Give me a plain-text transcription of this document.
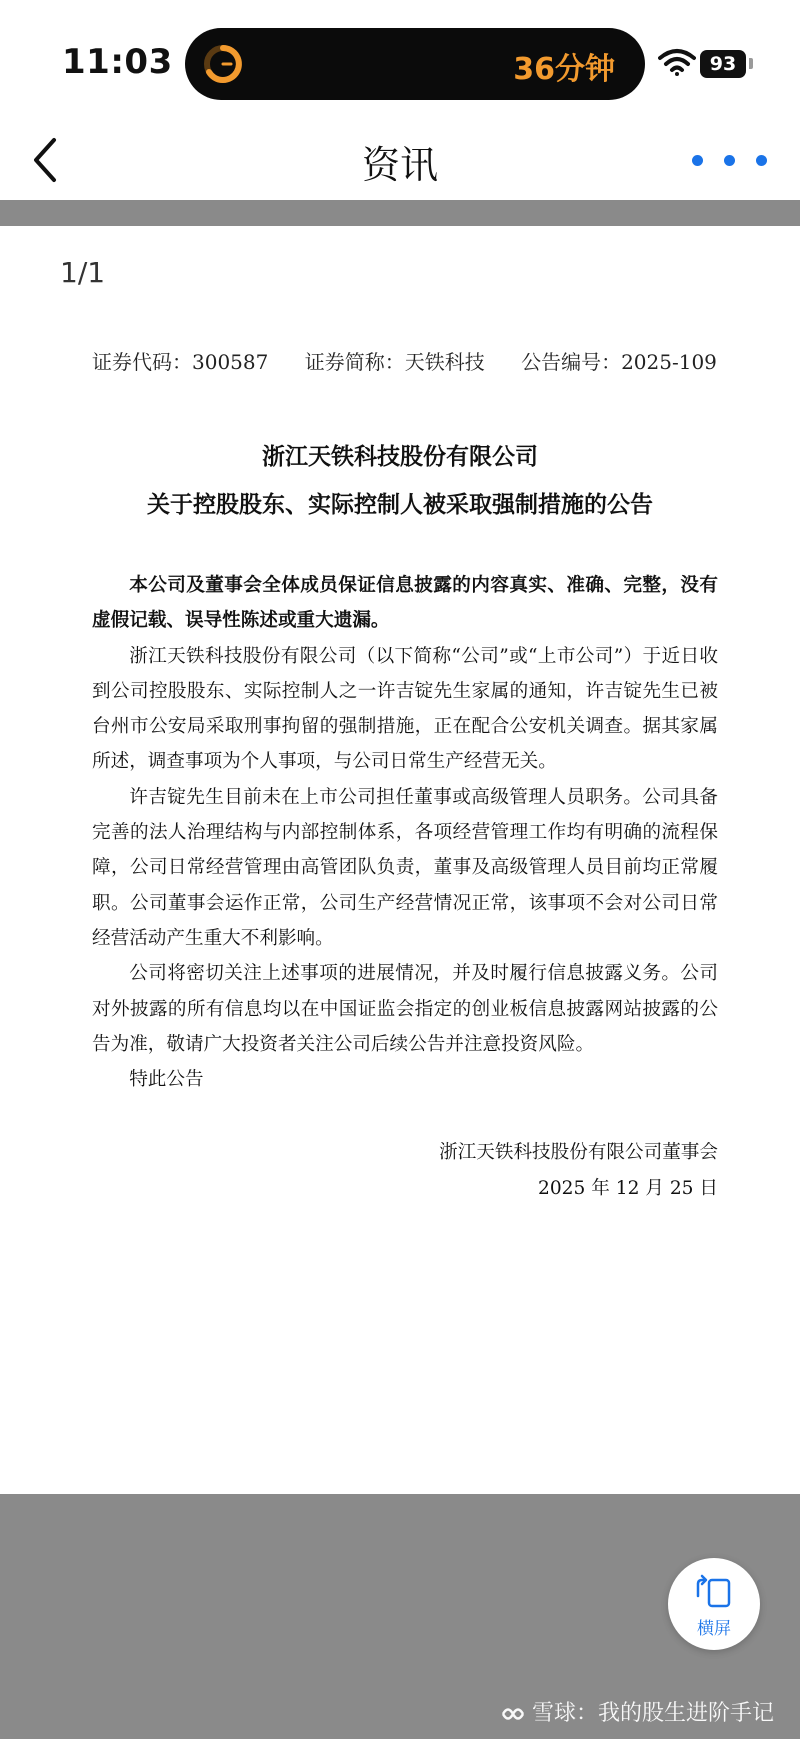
11:03	36分钟	93
资讯
1/1
证券代码：300587 证券简称：天铁科技 公告编号：2025-109
浙江天铁科技股份有限公司
关于控股股东、实际控制人被采取强制措施的公告

本公司及董事会全体成员保证信息披露的内容真实、准确、完整，没有虚假记载、误导性陈述或重大遗漏。

浙江天铁科技股份有限公司（以下简称“公司”或“上市公司”）于近日收到公司控股股东、实际控制人之一许吉锭先生家属的通知，许吉锭先生已被台州市公安局采取刑事拘留的强制措施，正在配合公安机关调查。据其家属所述，调查事项为个人事项，与公司日常生产经营无关。

许吉锭先生目前未在上市公司担任董事或高级管理人员职务。公司具备完善的法人治理结构与内部控制体系，各项经营管理工作均有明确的流程保障，公司日常经营管理由高管团队负责，董事及高级管理人员目前均正常履职。公司董事会运作正常，公司生产经营情况正常，该事项不会对公司日常经营活动产生重大不利影响。

公司将密切关注上述事项的进展情况，并及时履行信息披露义务。公司对外披露的所有信息均以在中国证监会指定的创业板信息披露网站披露的公告为准，敬请广大投资者关注公司后续公告并注意投资风险。

特此公告

浙江天铁科技股份有限公司董事会
2025 年 12 月 25 日
横屏
雪球：我的股生进阶手记
